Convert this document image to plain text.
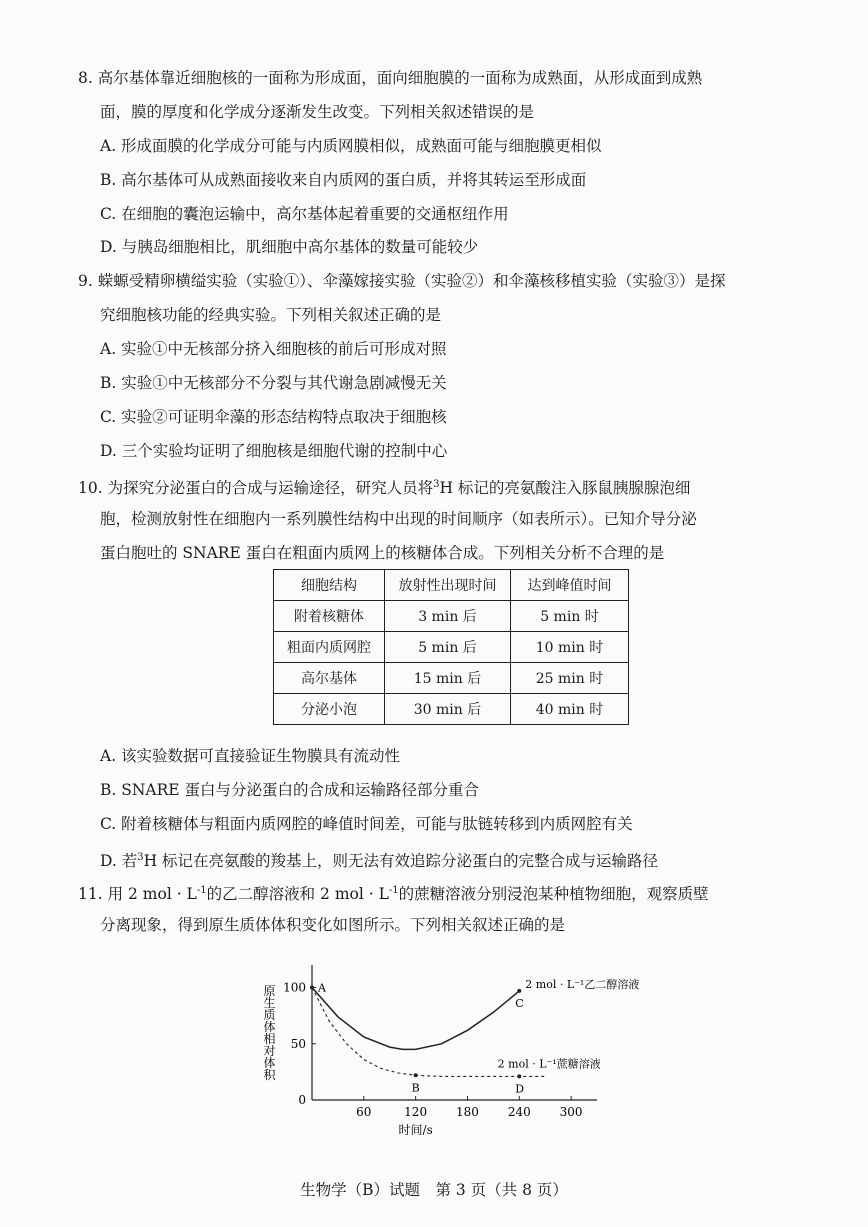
8. 高尔基体靠近细胞核的一面称为形成面，面向细胞膜的一面称为成熟面，从形成面到成熟
面，膜的厚度和化学成分逐渐发生改变。下列相关叙述错误的是
A. 形成面膜的化学成分可能与内质网膜相似，成熟面可能与细胞膜更相似
B. 高尔基体可从成熟面接收来自内质网的蛋白质，并将其转运至形成面
C. 在细胞的囊泡运输中，高尔基体起着重要的交通枢纽作用
D. 与胰岛细胞相比，肌细胞中高尔基体的数量可能较少
9. 蝾螈受精卵横缢实验（实验①）、伞藻嫁接实验（实验②）和伞藻核移植实验（实验③）是探
究细胞核功能的经典实验。下列相关叙述正确的是
A. 实验①中无核部分挤入细胞核的前后可形成对照
B. 实验①中无核部分不分裂与其代谢急剧减慢无关
C. 实验②可证明伞藻的形态结构特点取决于细胞核
D. 三个实验均证明了细胞核是细胞代谢的控制中心
10. 为探究分泌蛋白的合成与运输途径，研究人员将$^3$H 标记的亮氨酸注入豚鼠胰腺腺泡细
胞，检测放射性在细胞内一系列膜性结构中出现的时间顺序（如表所示）。已知介导分泌
蛋白胞吐的 SNARE 蛋白在粗面内质网上的核糖体合成。下列相关分析不合理的是
细胞结构	放射性出现时间	达到峰值时间
附着核糖体	3 min 后	5 min 时
粗面内质网腔	5 min 后	10 min 时
高尔基体	15 min 后	25 min 时
分泌小泡	30 min 后	40 min 时
A. 该实验数据可直接验证生物膜具有流动性
B. SNARE 蛋白与分泌蛋白的合成和运输路径部分重合
C. 附着核糖体与粗面内质网腔的峰值时间差，可能与肽链转移到内质网腔有关
D. 若$^3$H 标记在亮氨酸的羧基上，则无法有效追踪分泌蛋白的完整合成与运输路径
11. 用 2 mol · $L^{-1}$的乙二醇溶液和 2 mol · $L^{-1}$的蔗糖溶液分别浸泡某种植物细胞，观察质壁
分离现象，得到原生质体体积变化如图所示。下列相关叙述正确的是
60	120 180 240 300
0
50
100
时间/s
原生质体相对体积
2 mol · L⁻¹乙二醇溶液
2 mol · L⁻¹蔗糖溶液
A
B
C
D
生物学（B）试题　第 3 页（共 8 页）
